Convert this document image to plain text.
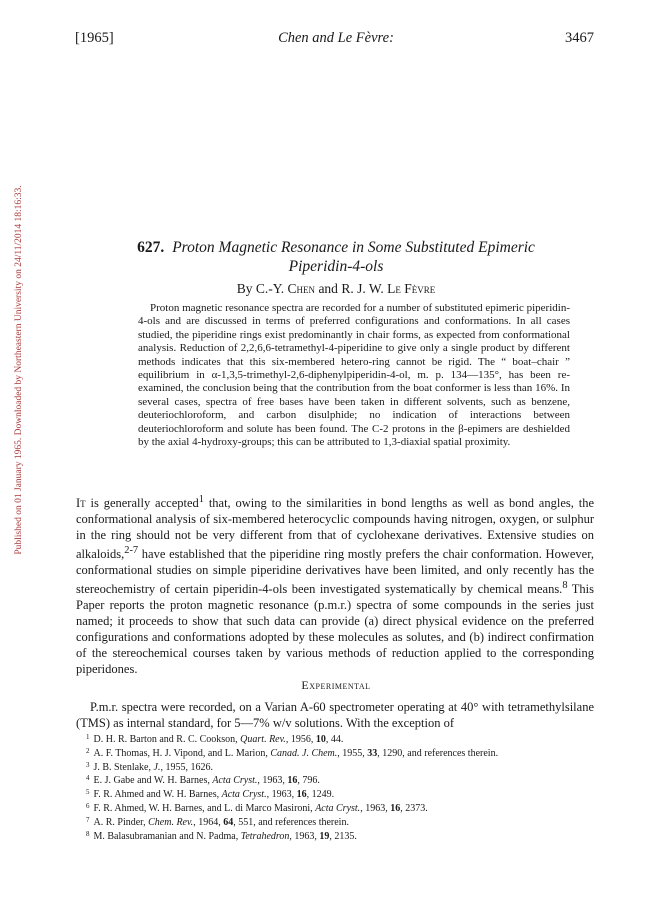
[1965]	Chen and Le Fèvre:	3467
Published on 01 January 1965. Downloaded by Northeastern University on 24/11/2014 18:16:33.	627. Proton Magnetic Resonance in Some Substituted Epimeric
Piperidin-4-ols
By C.-Y. Chen and R. J. W. Le Fèvre

Proton magnetic resonance spectra are recorded for a number of substituted epimeric piperidin-4-ols and are discussed in terms of preferred configurations and conformations. In all cases studied, the piperidine rings exist predominantly in chair forms, as expected from conformational analysis. Reduction of 2,2,6,6-tetramethyl-4-piperidine to give only a single product by different methods indicates that this six-membered hetero-ring cannot be rigid. The “ boat–chair ” equilibrium in α-1,3,5-trimethyl-2,6-diphenylpiperidin-4-ol, m. p. 134—135°, has been re-examined, the conclusion being that the contribution from the boat conformer is less than 16%. In several cases, spectra of free bases have been taken in different solvents, such as benzene, deuteriochloroform, and carbon disulphide; no indication of interactions between deuteriochloroform and solute has been found. The C-2 protons in the β-epimers are deshielded by the axial 4-hydroxy-groups; this can be attributed to 1,3-diaxial spatial proximity.

It is generally accepted$^1$ that, owing to the similarities in bond lengths as well as bond angles, the conformational analysis of six-membered heterocyclic compounds having nitrogen, oxygen, or sulphur in the ring should not be very different from that of cyclohexane derivatives. Extensive studies on alkaloids,$^{2-7}$ have established that the piperidine ring mostly prefers the chair conformation. However, conformational studies on simple piperidine derivatives have been limited, and only recently has the stereochemistry of certain piperidin-4-ols been investigated systematically by chemical means.$^8$ This Paper reports the proton magnetic resonance (p.m.r.) spectra of some compounds in the series just named; it proceeds to show that such data can provide (a) direct physical evidence on the preferred configurations and conformations adopted by these molecules as solutes, and (b) indirect confirmation of the stereochemical courses taken by various methods of reduction applied to the corresponding piperidones.

Experimental

P.m.r. spectra were recorded, on a Varian A-60 spectrometer operating at 40° with tetramethylsilane (TMS) as internal standard, for 5—7% w/v solutions. With the exception of

$^1$ D. H. R. Barton and R. C. Cookson, Quart. Rev., 1956, 10, 44.
$^2$ A. F. Thomas, H. J. Vipond, and L. Marion, Canad. J. Chem., 1955, 33, 1290, and references therein.
$^3$ J. B. Stenlake, J., 1955, 1626.
$^4$ E. J. Gabe and W. H. Barnes, Acta Cryst., 1963, 16, 796.
$^5$ F. R. Ahmed and W. H. Barnes, Acta Cryst., 1963, 16, 1249.
$^6$ F. R. Ahmed, W. H. Barnes, and L. di Marco Masironi, Acta Cryst., 1963, 16, 2373.
$^7$ A. R. Pinder, Chem. Rev., 1964, 64, 551, and references therein.
$^8$ M. Balasubramanian and N. Padma, Tetrahedron, 1963, 19, 2135.
